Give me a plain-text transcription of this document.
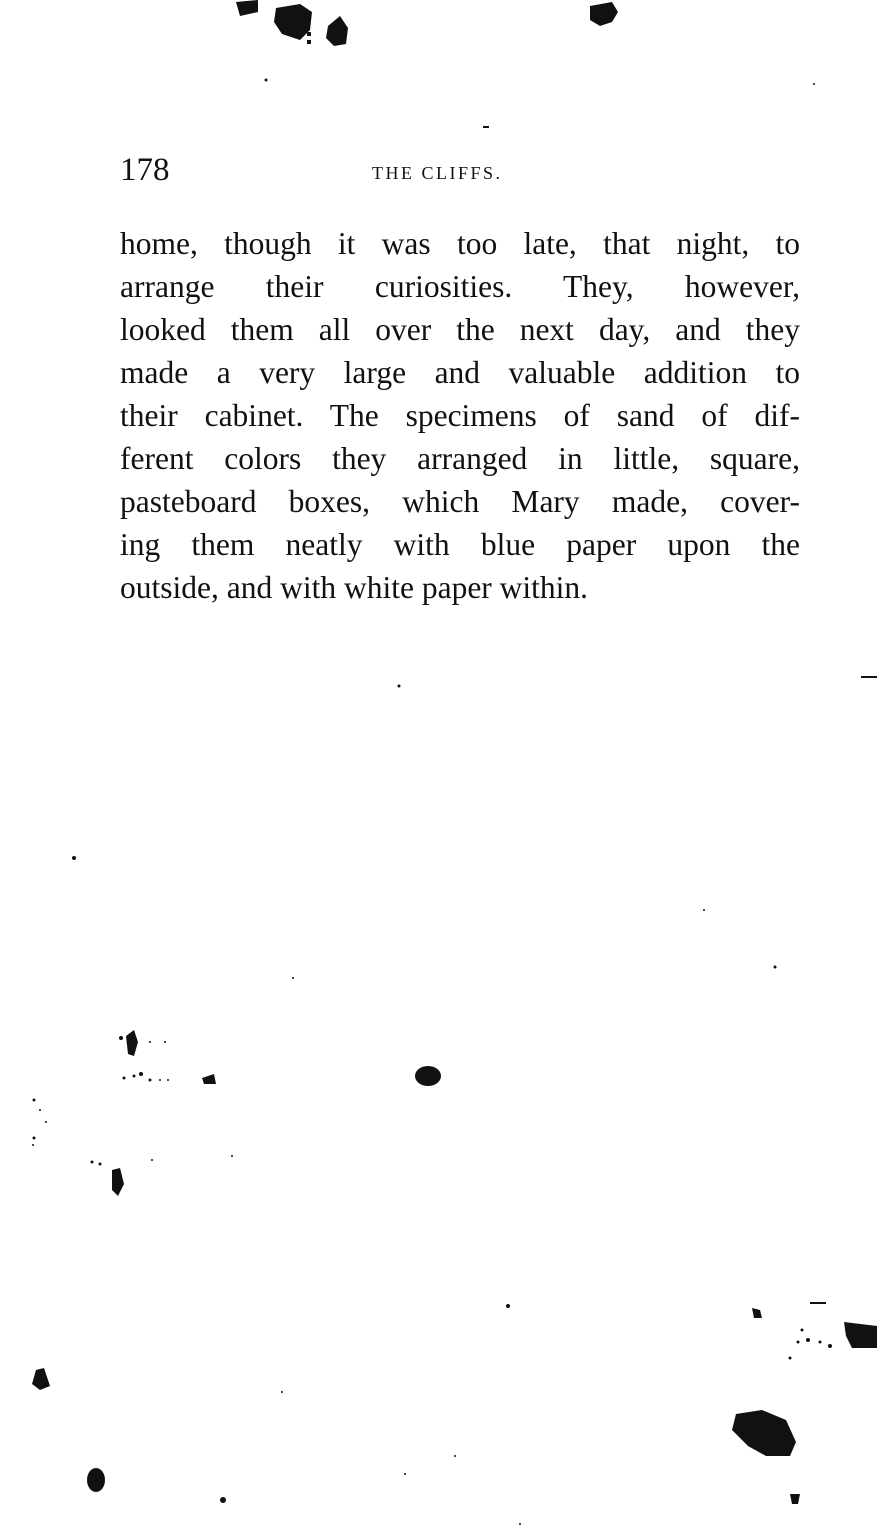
178	THE CLIFFS.
home, though it was too late, that night, to
arrange their curiosities. They, however,
looked them all over the next day, and they
made a very large and valuable addition to
their cabinet. The specimens of sand of dif-
ferent colors they arranged in little, square,
pasteboard boxes, which Mary made, cover-
ing them neatly with blue paper upon the
outside, and with white paper within.
